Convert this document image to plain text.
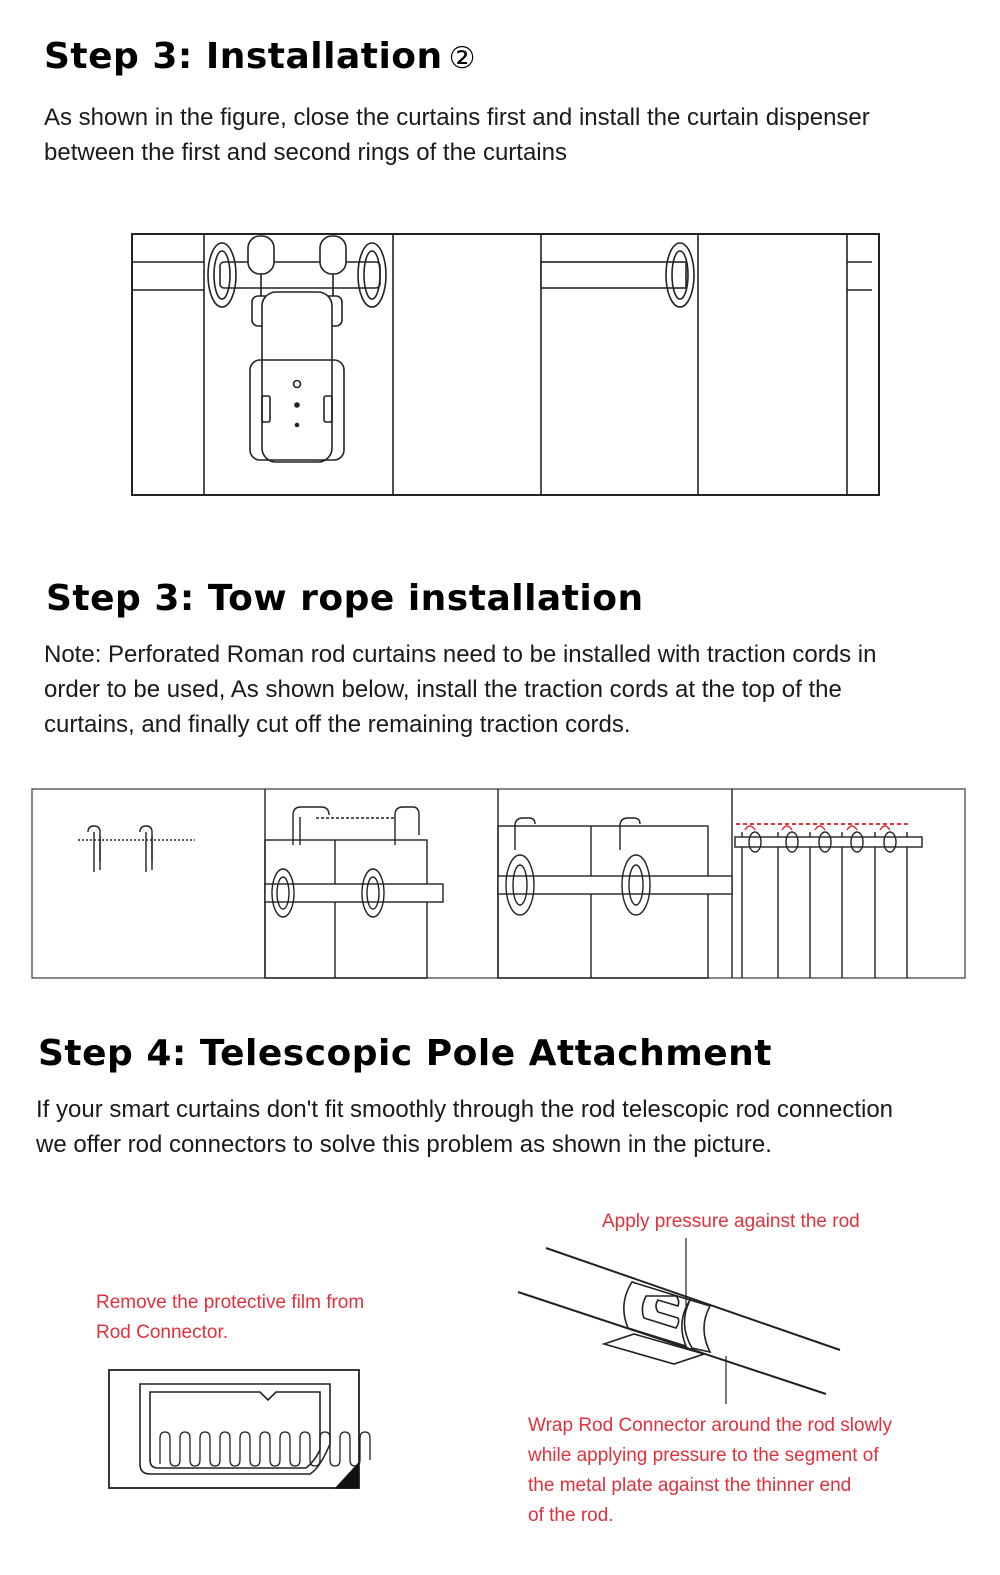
Step 3: Installation ②

As shown in the figure, close the curtains first and install the curtain dispenser
between the first and second rings of the curtains

Step 3: Tow rope installation

Note: Perforated Roman rod curtains need to be installed with traction cords in
order to be used, As shown below, install the traction cords at the top of the
curtains, and finally cut off the remaining traction cords.

Step 4: Telescopic Pole Attachment

If your smart curtains don't fit smoothly through the rod telescopic rod connection
we offer rod connectors to solve this problem as shown in the picture.

Remove the protective film from
Rod Connector.

Apply pressure against the rod

Wrap Rod Connector around the rod slowly
while applying pressure to the segment of
the metal plate against the thinner end
of the rod.
